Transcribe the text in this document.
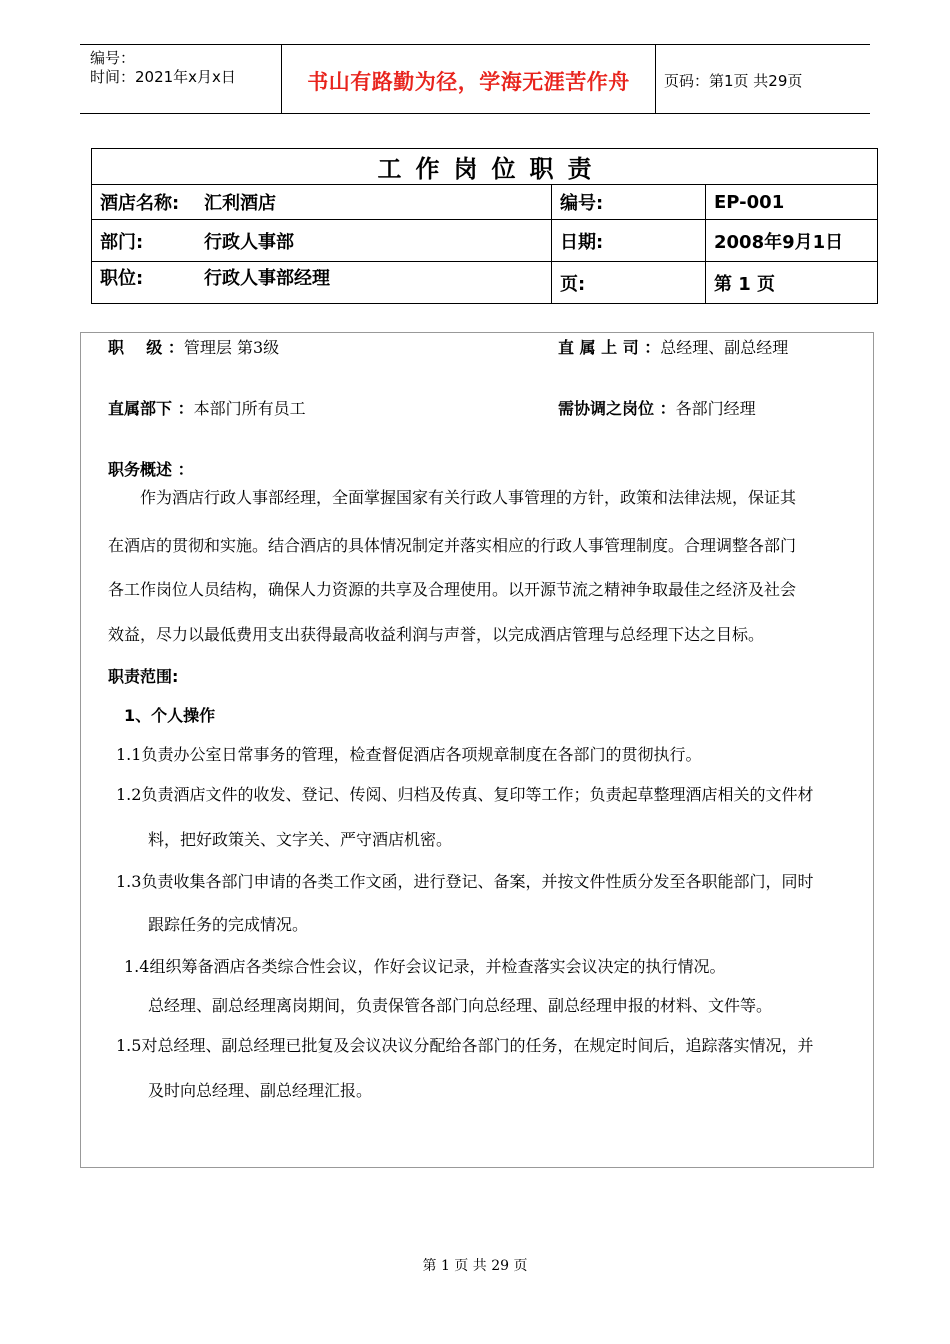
编号：
时间：2021年x月x日	书山有路勤为径，学海无涯苦作舟	页码：第1页 共29页
工作岗位职责		
酒店名称: 汇利酒店	编号:	EP-001
部门: 行政人事部	日期:	2008年9月1日
职位: 行政人事部经理	页:	第 1 页
职    级 ：管理层 第3级	直 属 上 司 ：总经理、副总经理
直属部下 ：本部门所有员工	需协调之岗位 ：各部门经理
职务概述 ：
作为酒店行政人事部经理，全面掌握国家有关行政人事管理的方针，政策和法律法规，保证其
在酒店的贯彻和实施。结合酒店的具体情况制定并落实相应的行政人事管理制度。合理调整各部门
各工作岗位人员结构，确保人力资源的共享及合理使用。以开源节流之精神争取最佳之经济及社会
效益，尽力以最低费用支出获得最高收益利润与声誉，以完成酒店管理与总经理下达之目标。
职责范围:
1、个人操作
1.1负责办公室日常事务的管理，检查督促酒店各项规章制度在各部门的贯彻执行。
1.2负责酒店文件的收发、登记、传阅、归档及传真、复印等工作；负责起草整理酒店相关的文件材
料，把好政策关、文字关、严守酒店机密。
1.3负责收集各部门申请的各类工作文函，进行登记、备案，并按文件性质分发至各职能部门，同时
跟踪任务的完成情况。
1.4组织筹备酒店各类综合性会议，作好会议记录，并检查落实会议决定的执行情况。
总经理、副总经理离岗期间，负责保管各部门向总经理、副总经理申报的材料、文件等。
1.5对总经理、副总经理已批复及会议决议分配给各部门的任务，在规定时间后，追踪落实情况，并
及时向总经理、副总经理汇报。
第 1 页 共 29 页
